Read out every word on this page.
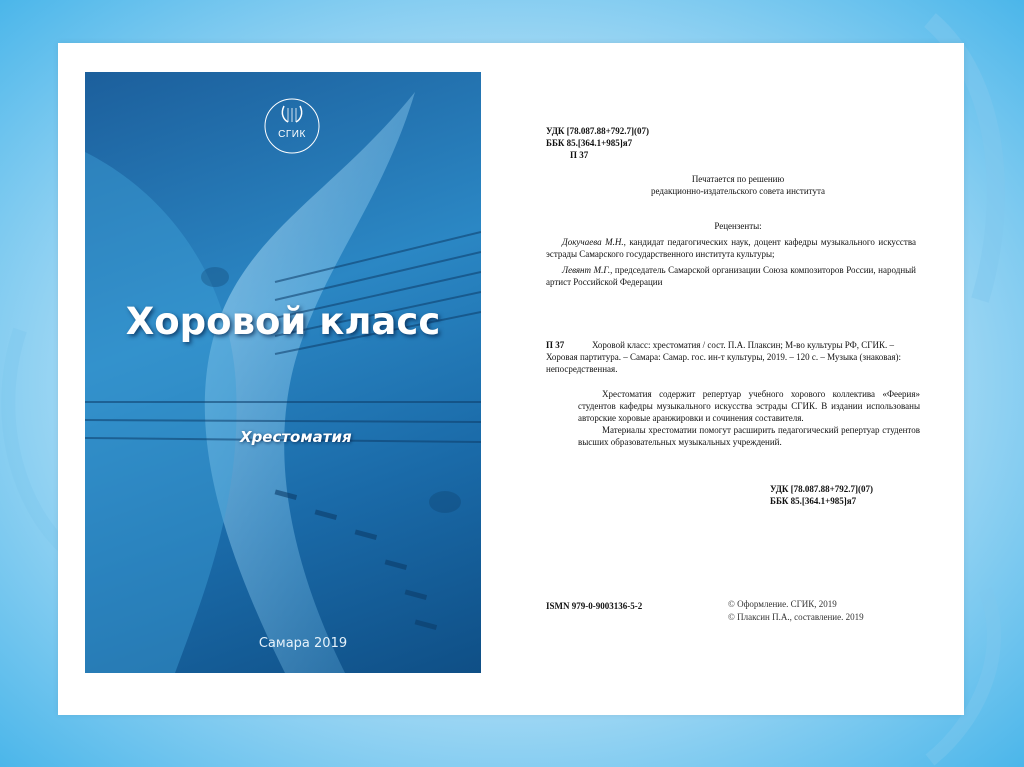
СГИК
Хоровой класс
Хрестоматия
Самара 2019
УДК [78.087.88+792.7](07)
ББК 85.[364.1+985]я7
П 37
Печатается по решению
редакционно-издательского совета института
Рецензенты:
Докучаева М.Н., кандидат педагогических наук, доцент кафедры музыкального искусства эстрады Самарского государственного института культуры;
Левянт М.Г., председатель Самарской организации Союза композиторов России, народный артист Российской Федерации
П 37	Хоровой класс: хрестоматия / сост. П.А. Плаксин; М-во культуры РФ, СГИК. – Хоровая партитура. – Самара: Самар. гос. ин-т культуры, 2019. – 120 с. – Музыка (знаковая): непосредственная.

Хрестоматия содержит репертуар учебного хорового коллектива «Феерия» студентов кафедры музыкального искусства эстрады СГИК. В издании использованы авторские хоровые аранжировки и сочинения составителя.

Материалы хрестоматии помогут расширить педагогический репертуар студентов высших образовательных музыкальных учреждений.

УДК [78.087.88+792.7](07)
ББК 85.[364.1+985]я7
ISMN 979-0-9003136-5-2	© Оформление. СГИК, 2019
© Плаксин П.А., составление. 2019
